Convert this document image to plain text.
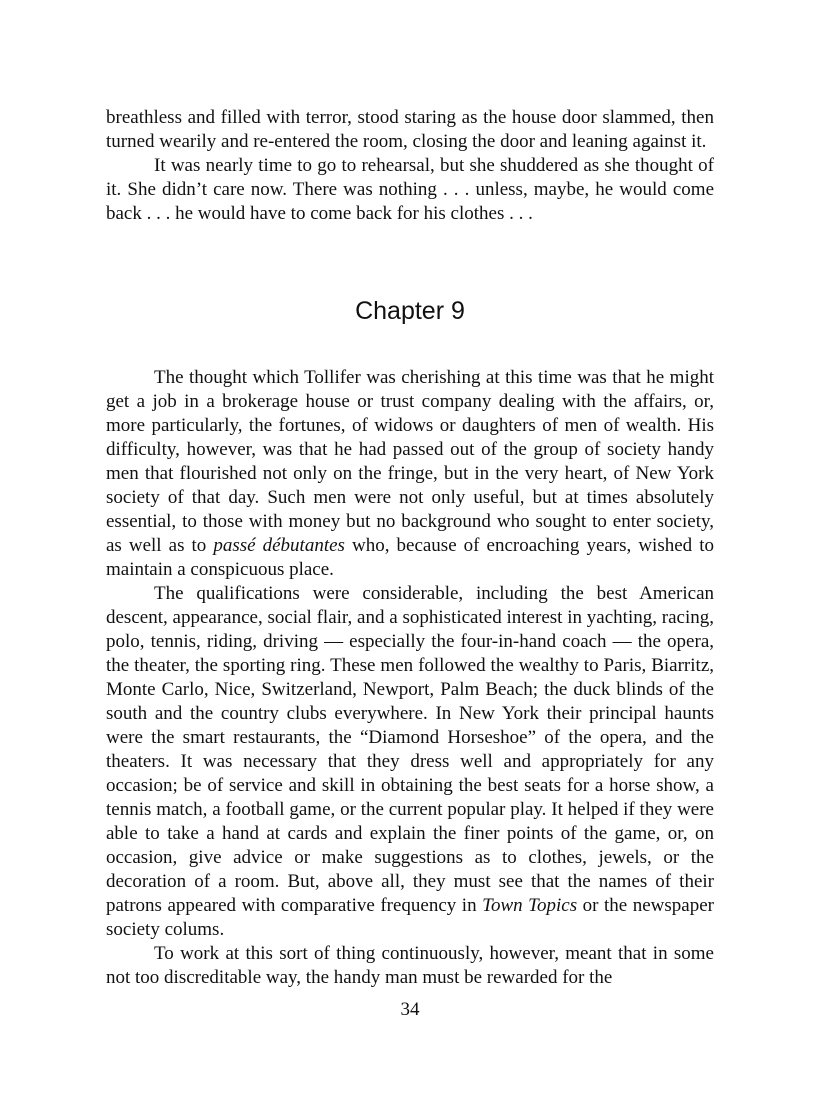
breathless and filled with terror, stood staring as the house door slammed, then turned wearily and re-entered the room, closing the door and leaning against it.

It was nearly time to go to rehearsal, but she shuddered as she thought of it. She didn’t care now. There was nothing . . . unless, maybe, he would come back . . . he would have to come back for his clothes . . .

Chapter 9

The thought which Tollifer was cherishing at this time was that he might get a job in a brokerage house or trust company dealing with the affairs, or, more particularly, the fortunes, of widows or daughters of men of wealth. His difficulty, however, was that he had passed out of the group of society handy men that flourished not only on the fringe, but in the very heart, of New York society of that day. Such men were not only useful, but at times absolutely essential, to those with money but no background who sought to enter society, as well as to passé débutantes who, because of encroaching years, wished to maintain a conspicuous place.

The qualifications were considerable, including the best American descent, appearance, social flair, and a sophisticated interest in yachting, racing, polo, tennis, riding, driving — especially the four-in-hand coach — the opera, the theater, the sporting ring. These men followed the wealthy to Paris, Biarritz, Monte Carlo, Nice, Switzerland, Newport, Palm Beach; the duck blinds of the south and the country clubs everywhere. In New York their principal haunts were the smart restaurants, the “Diamond Horseshoe” of the opera, and the theaters. It was necessary that they dress well and appropriately for any occasion; be of service and skill in obtaining the best seats for a horse show, a tennis match, a football game, or the current popular play. It helped if they were able to take a hand at cards and explain the finer points of the game, or, on occasion, give advice or make suggestions as to clothes, jewels, or the decoration of a room. But, above all, they must see that the names of their patrons appeared with comparative frequency in Town Topics or the newspaper society colums.

To work at this sort of thing continuously, however, meant that in some not too discreditable way, the handy man must be rewarded for the

34
